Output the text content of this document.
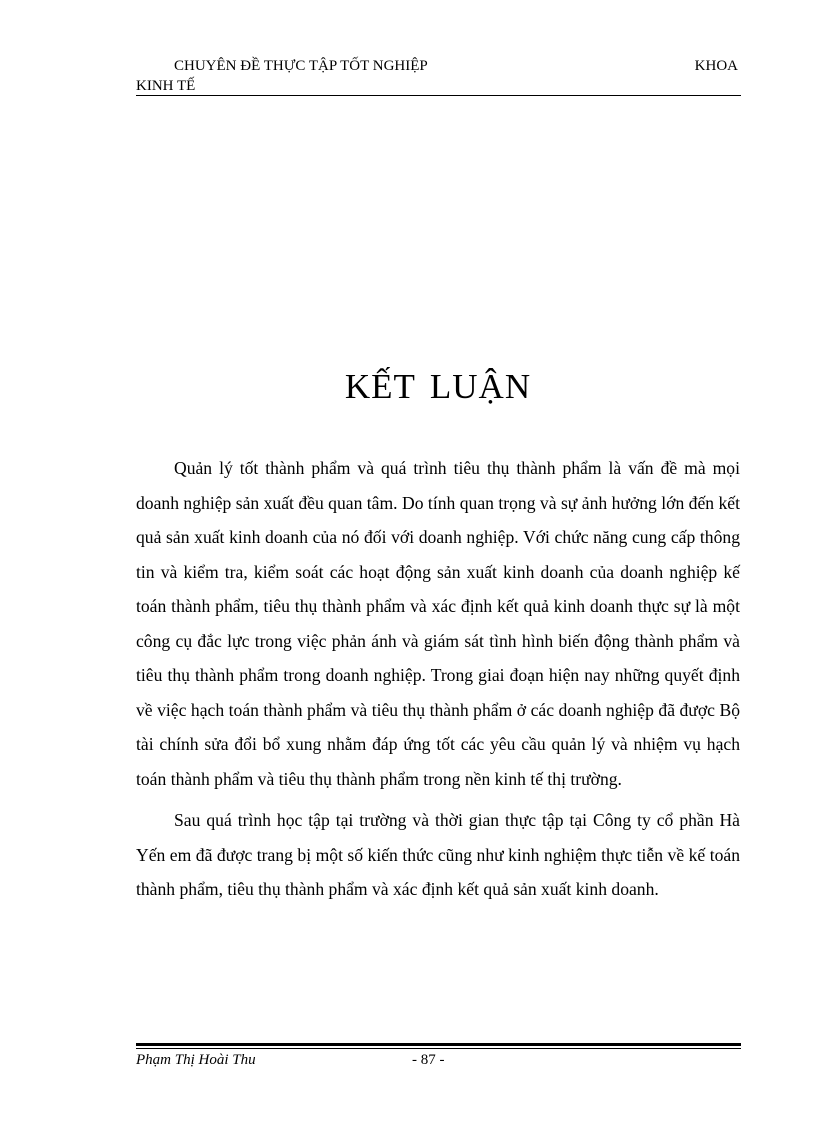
CHUYÊN ĐỀ THỰC TẬP TỐT NGHIỆP	KHOA
KINH TẾ
KẾT LUẬN

Quản lý tốt thành phẩm và quá trình tiêu thụ thành phẩm là vấn đề mà mọi doanh nghiệp sản xuất đều quan tâm. Do tính quan trọng và sự ảnh hưởng lớn đến kết quả sản xuất kinh doanh của nó đối với doanh nghiệp. Với chức năng cung cấp thông tin và kiểm tra, kiểm soát các hoạt động sản xuất kinh doanh của doanh nghiệp kế toán thành phẩm, tiêu thụ thành phẩm và xác định kết quả kinh doanh thực sự là một công cụ đắc lực trong việc phản ánh và giám sát tình hình biến động thành phẩm và tiêu thụ thành phẩm trong doanh nghiệp. Trong giai đoạn hiện nay những quyết định về việc hạch toán thành phẩm và tiêu thụ thành phẩm ở các doanh nghiệp đã được Bộ tài chính sửa đổi bổ xung nhằm đáp ứng tốt các yêu cầu quản lý và nhiệm vụ hạch toán thành phẩm và tiêu thụ thành phẩm trong nền kinh tế thị trường.

Sau quá trình học tập tại trường và thời gian thực tập tại Công ty cổ phần Hà Yến em đã được trang bị một số kiến thức cũng như kinh nghiệm thực tiễn về kế toán thành phẩm, tiêu thụ thành phẩm và xác định kết quả sản xuất kinh doanh.

Phạm Thị Hoài Thu	- 87 -
